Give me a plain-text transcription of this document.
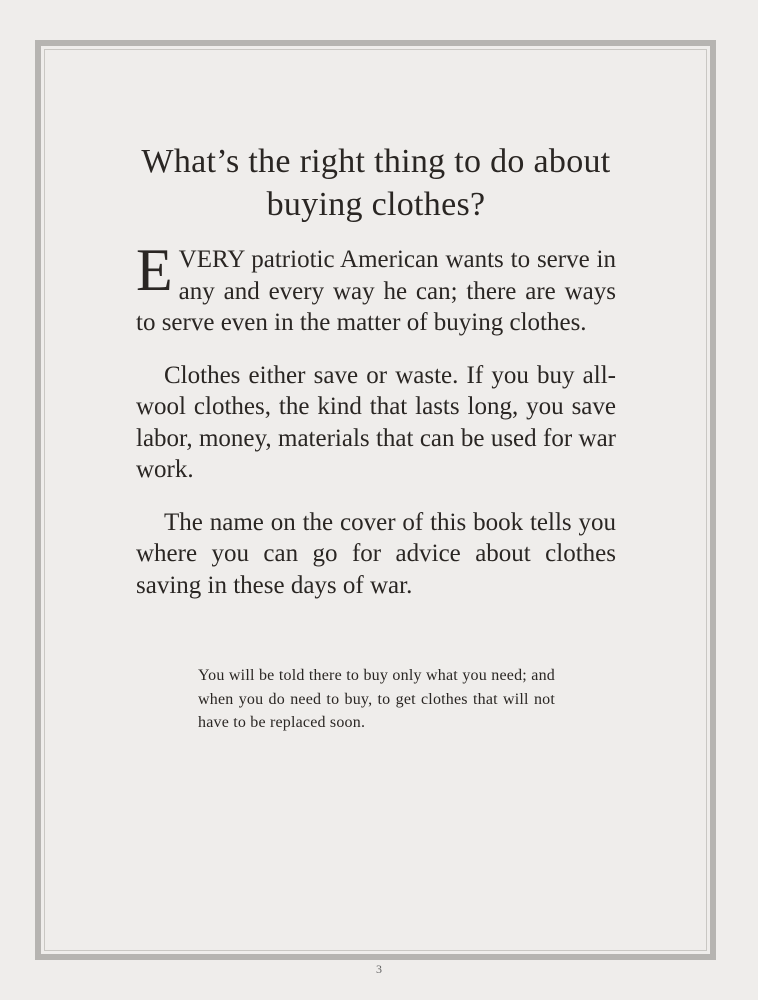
What’s the right thing to do about buying clothes?

EVERY patriotic American wants to serve in any and every way he can; there are ways to serve even in the matter of buying clothes.

Clothes either save or waste. If you buy all-wool clothes, the kind that lasts long, you save labor, money, materials that can be used for war work.

The name on the cover of this book tells you where you can go for advice about clothes saving in these days of war.

You will be told there to buy only what you need; and when you do need to buy, to get clothes that will not have to be replaced soon.

3
